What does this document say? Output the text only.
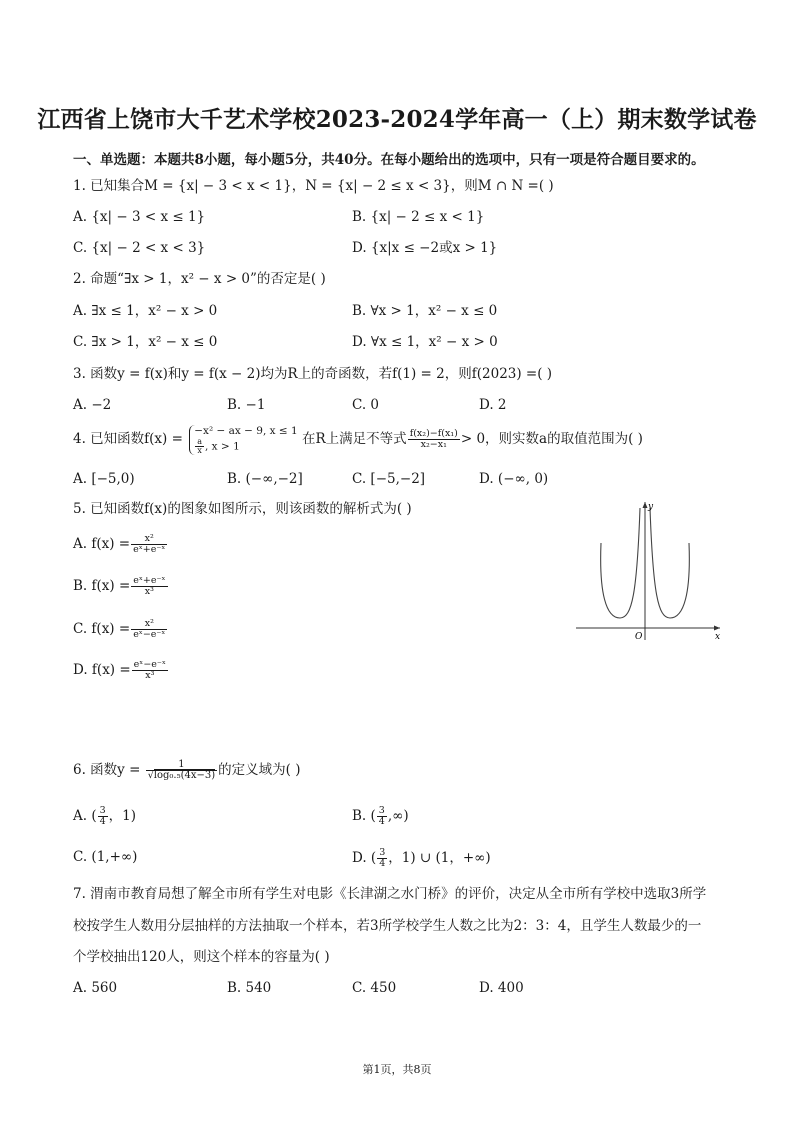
江西省上饶市大千艺术学校2023-2024学年高一（上）期末数学试卷
一、单选题：本题共8小题，每小题5分，共40分。在每小题给出的选项中，只有一项是符合题目要求的。
1. 已知集合M = {x| − 3 < x < 1}，N = {x| − 2 ≤ x < 3}，则M ∩ N =( )
A. {x| − 3 < x ≤ 1}	B. {x| − 2 ≤ x < 1}
C. {x| − 2 < x < 3}	D. {x|x ≤ −2或x > 1}
2. 命题“∃x > 1，x² − x > 0”的否定是( )
A. ∃x ≤ 1，x² − x > 0	B. ∀x > 1，x² − x ≤ 0
C. ∃x > 1，x² − x ≤ 0	D. ∀x ≤ 1，x² − x > 0
3. 函数y = f(x)和y = f(x − 2)均为R上的奇函数，若f(1) = 2，则f(2023) =( )
A. −2	B. −1	C. 0	D. 2
4. 已知函数f(x) =
−x² − ax − 9, x ≤ 1
$\frac{a}{x}$ , x > 1	在R上满足不等式 $\frac{\text{f(x₂)−f(x₁)}}{\text{x₂−x₁}} > 0$，则实数a的取值范围为( )
A. [−5,0)	B. (−∞,−2]	C. [−5,−2]	D. (−∞, 0)
5. 已知函数f(x)的图象如图所示，则该函数的解析式为( )
A. $f(x) = \frac{\text{x²}}{\text{eˣ+e⁻ˣ}}$
B. $f(x) = \frac{\text{eˣ+e⁻ˣ}}{\text{x³}}$
C. $f(x) = \frac{\text{x²}}{\text{eˣ−e⁻ˣ}}$
D. $f(x) = \frac{\text{eˣ−e⁻ˣ}}{\text{x³}}$
y
x
O
6. 函数$y = \frac{1}{\text{√log₀.₅(4x−3)}}$ 的定义域为( )
A. ( $\frac{3}{4}$ ，1)	B. ( $\frac{3}{4}$ ,∞)
C. (1,+∞)	D. ( $\frac{3}{4}$ ，1) ∪ (1，+∞)
7. 渭南市教育局想了解全市所有学生对电影《长津湖之水门桥》的评价，决定从全市所有学校中选取3所学
校按学生人数用分层抽样的方法抽取一个样本，若3所学校学生人数之比为2：3：4，且学生人数最少的一
个学校抽出120人，则这个样本的容量为( )
A. 560	B. 540	C. 450	D. 400
第1页，共8页
